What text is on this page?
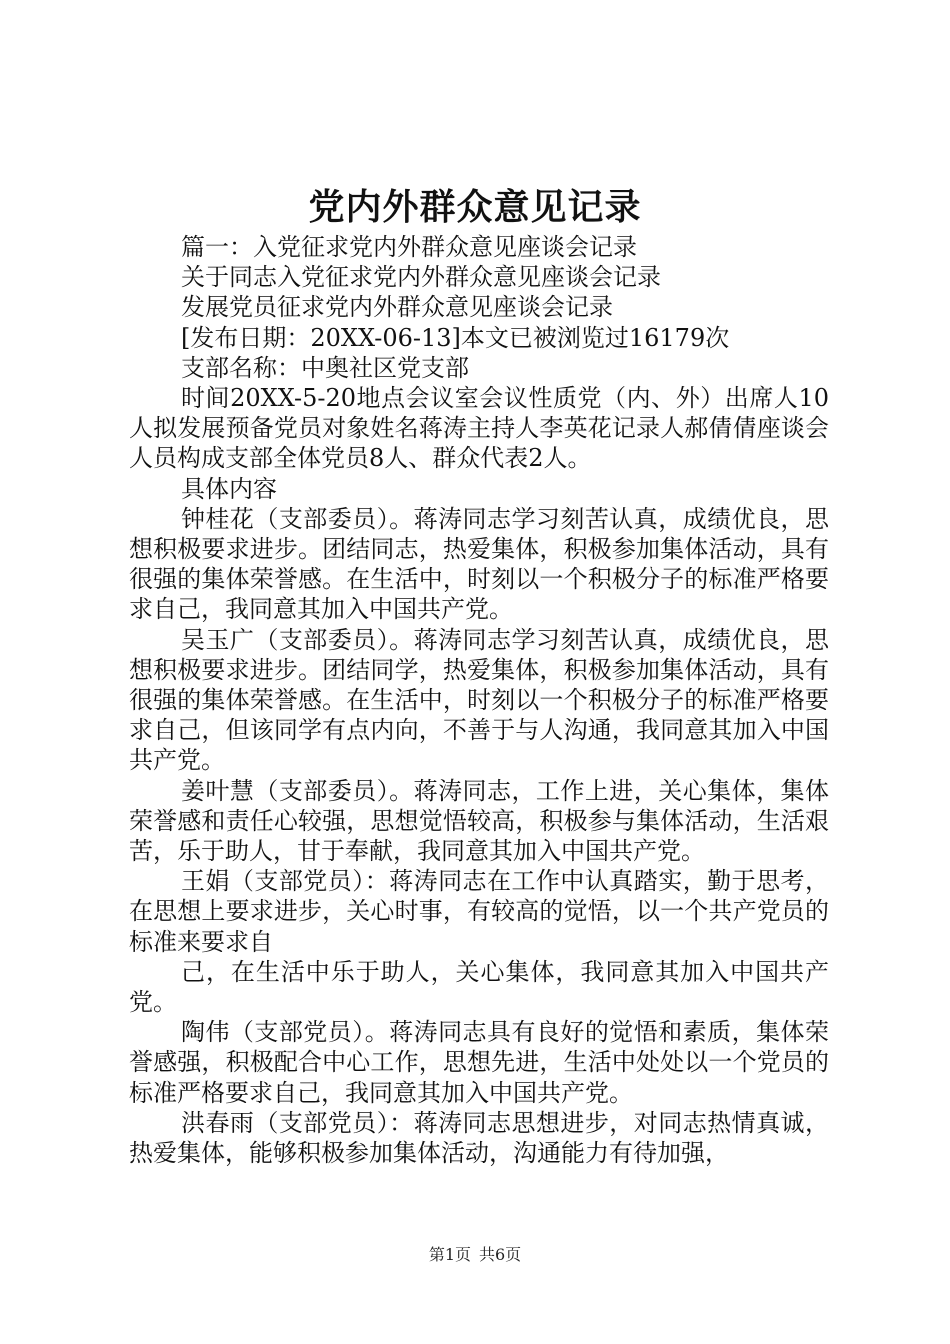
党内外群众意见记录

篇一：入党征求党内外群众意见座谈会记录

关于同志入党征求党内外群众意见座谈会记录

发展党员征求党内外群众意见座谈会记录

[发布日期：20XX-06-13]本文已被浏览过16179次

支部名称：中奥社区党支部

时间20XX-5-20地点会议室会议性质党（内、外）出席人10人拟发展预备党员对象姓名蒋涛主持人李英花记录人郝倩倩座谈会人员构成支部全体党员8人、群众代表2人。

具体内容

钟桂花（支部委员）。蒋涛同志学习刻苦认真，成绩优良，思想积极要求进步。团结同志，热爱集体，积极参加集体活动，具有很强的集体荣誉感。在生活中，时刻以一个积极分子的标准严格要求自己，我同意其加入中国共产党。

吴玉广（支部委员）。蒋涛同志学习刻苦认真，成绩优良，思想积极要求进步。团结同学，热爱集体，积极参加集体活动，具有很强的集体荣誉感。在生活中，时刻以一个积极分子的标准严格要求自己，但该同学有点内向，不善于与人沟通，我同意其加入中国共产党。

姜叶慧（支部委员）。蒋涛同志，工作上进，关心集体，集体荣誉感和责任心较强，思想觉悟较高，积极参与集体活动，生活艰苦，乐于助人，甘于奉献，我同意其加入中国共产党。

王娟（支部党员）：蒋涛同志在工作中认真踏实，勤于思考，在思想上要求进步，关心时事，有较高的觉悟，以一个共产党员的标准来要求自

己，在生活中乐于助人，关心集体，我同意其加入中国共产党。

陶伟（支部党员）。蒋涛同志具有良好的觉悟和素质，集体荣誉感强，积极配合中心工作，思想先进，生活中处处以一个党员的标准严格要求自己，我同意其加入中国共产党。

洪春雨（支部党员）：蒋涛同志思想进步，对同志热情真诚，热爱集体，能够积极参加集体活动，沟通能力有待加强，

第1页 共6页
